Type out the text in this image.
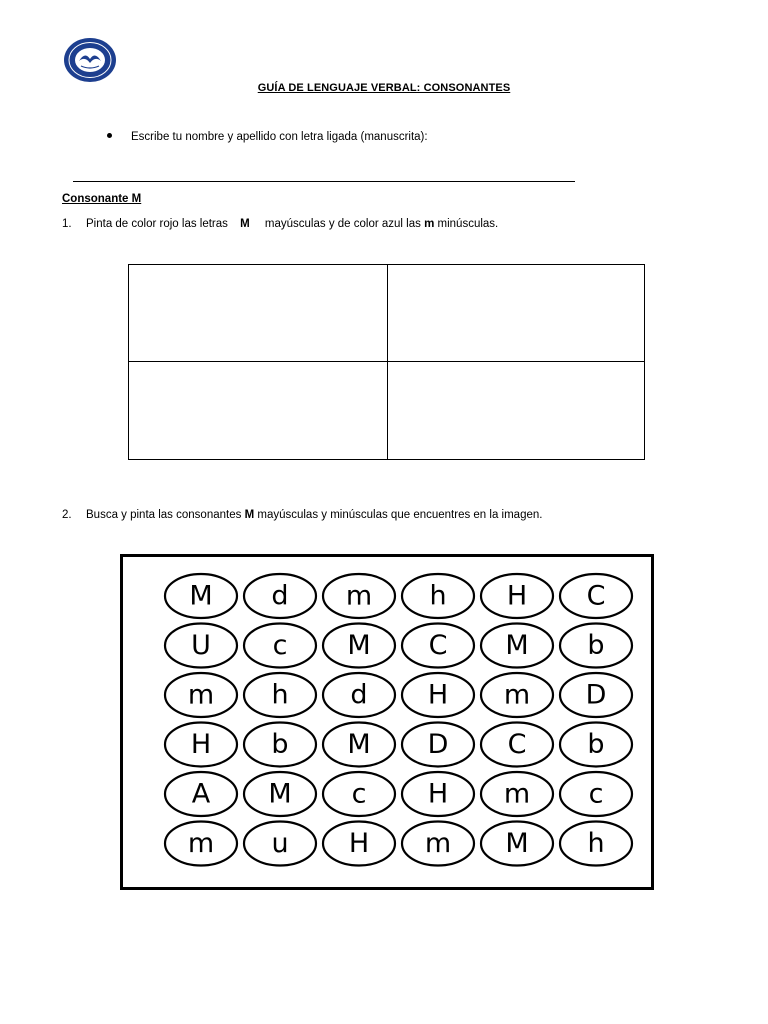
GUÍA DE LENGUAJE VERBAL: CONSONANTES
Escribe tu nombre y apellido con letra ligada (manuscrita):
Consonante M
1. Pinta de color rojo las letras M mayúsculas y de color azul las m minúsculas.
2. Busca y pinta las consonantes M mayúsculas y minúsculas que encuentres en la imagen.
M d m h H C
U c M C M b
m h d H m D
H b M D C b
A M c H m c
m u H m M h
